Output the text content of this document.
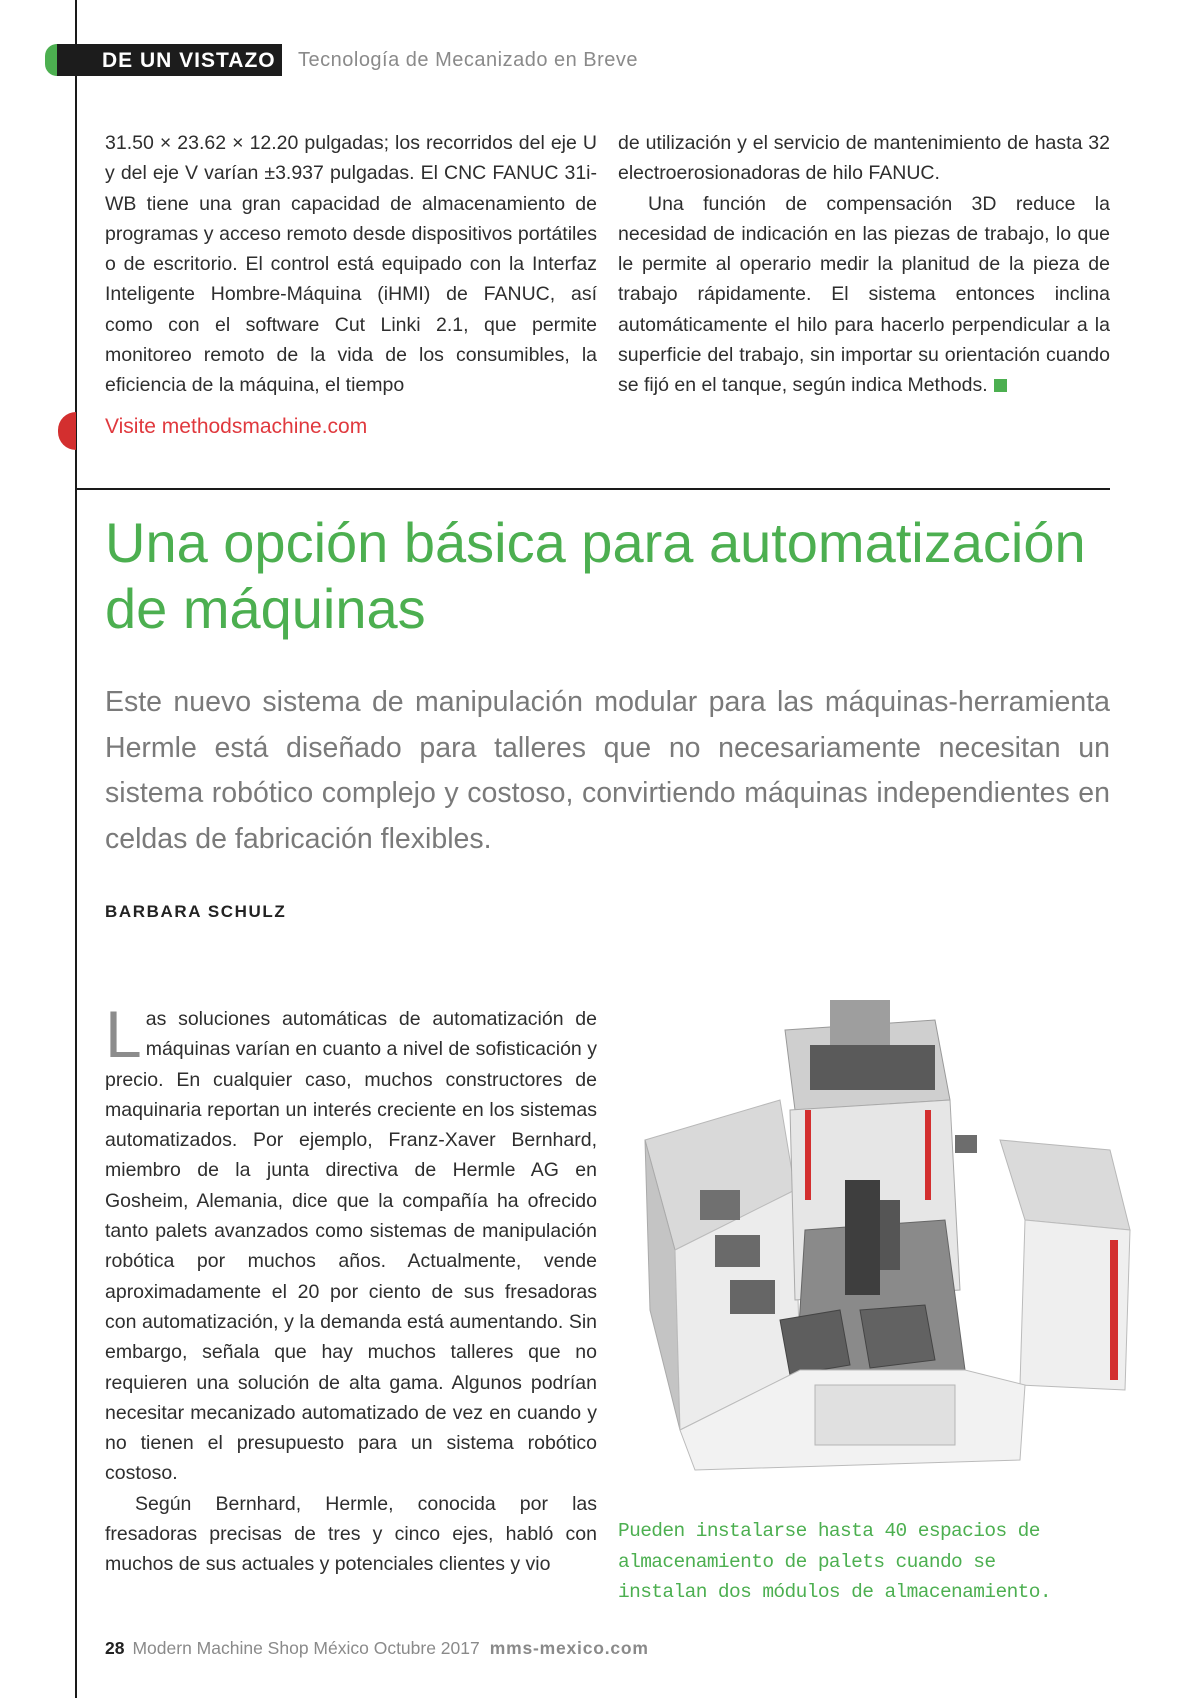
DE UN VISTAZO Tecnología de Mecanizado en Breve

31.50 × 23.62 × 12.20 pulgadas; los recorridos del eje U y del eje V varían ±3.937 pulgadas. El CNC FANUC 31i-WB tiene una gran capacidad de almacenamiento de programas y acceso remoto desde dispositivos portátiles o de escritorio. El control está equipado con la Interfaz Inteligente Hombre-Máquina (iHMI) de FANUC, así como con el software Cut Linki 2.1, que permite monitoreo remoto de la vida de los consumibles, la eficiencia de la máquina, el tiempo

Visite methodsmachine.com

de utilización y el servicio de mantenimiento de hasta 32 electroerosionadoras de hilo FANUC.

Una función de compensación 3D reduce la necesidad de indicación en las piezas de trabajo, lo que le permite al operario medir la planitud de la pieza de trabajo rápidamente. El sistema entonces inclina automáticamente el hilo para hacerlo perpendicular a la superficie del trabajo, sin importar su orientación cuando se fijó en el tanque, según indica Methods.

Una opción básica para automatización de máquinas
Este nuevo sistema de manipulación modular para las máquinas-herramienta Hermle está diseñado para talleres que no necesariamente necesitan un sistema robótico complejo y costoso, convirtiendo máquinas independientes en celdas de fabricación flexibles.
BARBARA SCHULZ

Las soluciones automáticas de automatización de máquinas varían en cuanto a nivel de sofisticación y precio. En cualquier caso, muchos constructores de maquinaria reportan un interés creciente en los sistemas automatizados. Por ejemplo, Franz-Xaver Bernhard, miembro de la junta directiva de Hermle AG en Gosheim, Alemania, dice que la compañía ha ofrecido tanto palets avanzados como sistemas de manipulación robótica por muchos años. Actualmente, vende aproximadamente el 20 por ciento de sus fresadoras con automatización, y la demanda está aumentando. Sin embargo, señala que hay muchos talleres que no requieren una solución de alta gama. Algunos podrían necesitar mecanizado automatizado de vez en cuando y no tienen el presupuesto para un sistema robótico costoso.

Según Bernhard, Hermle, conocida por las fresadoras precisas de tres y cinco ejes, habló con muchos de sus actuales y potenciales clientes y vio

Pueden instalarse hasta 40 espacios de almacenamiento de palets cuando se instalan dos módulos de almacenamiento.
28 Modern Machine Shop México Octubre 2017 mms-mexico.com
